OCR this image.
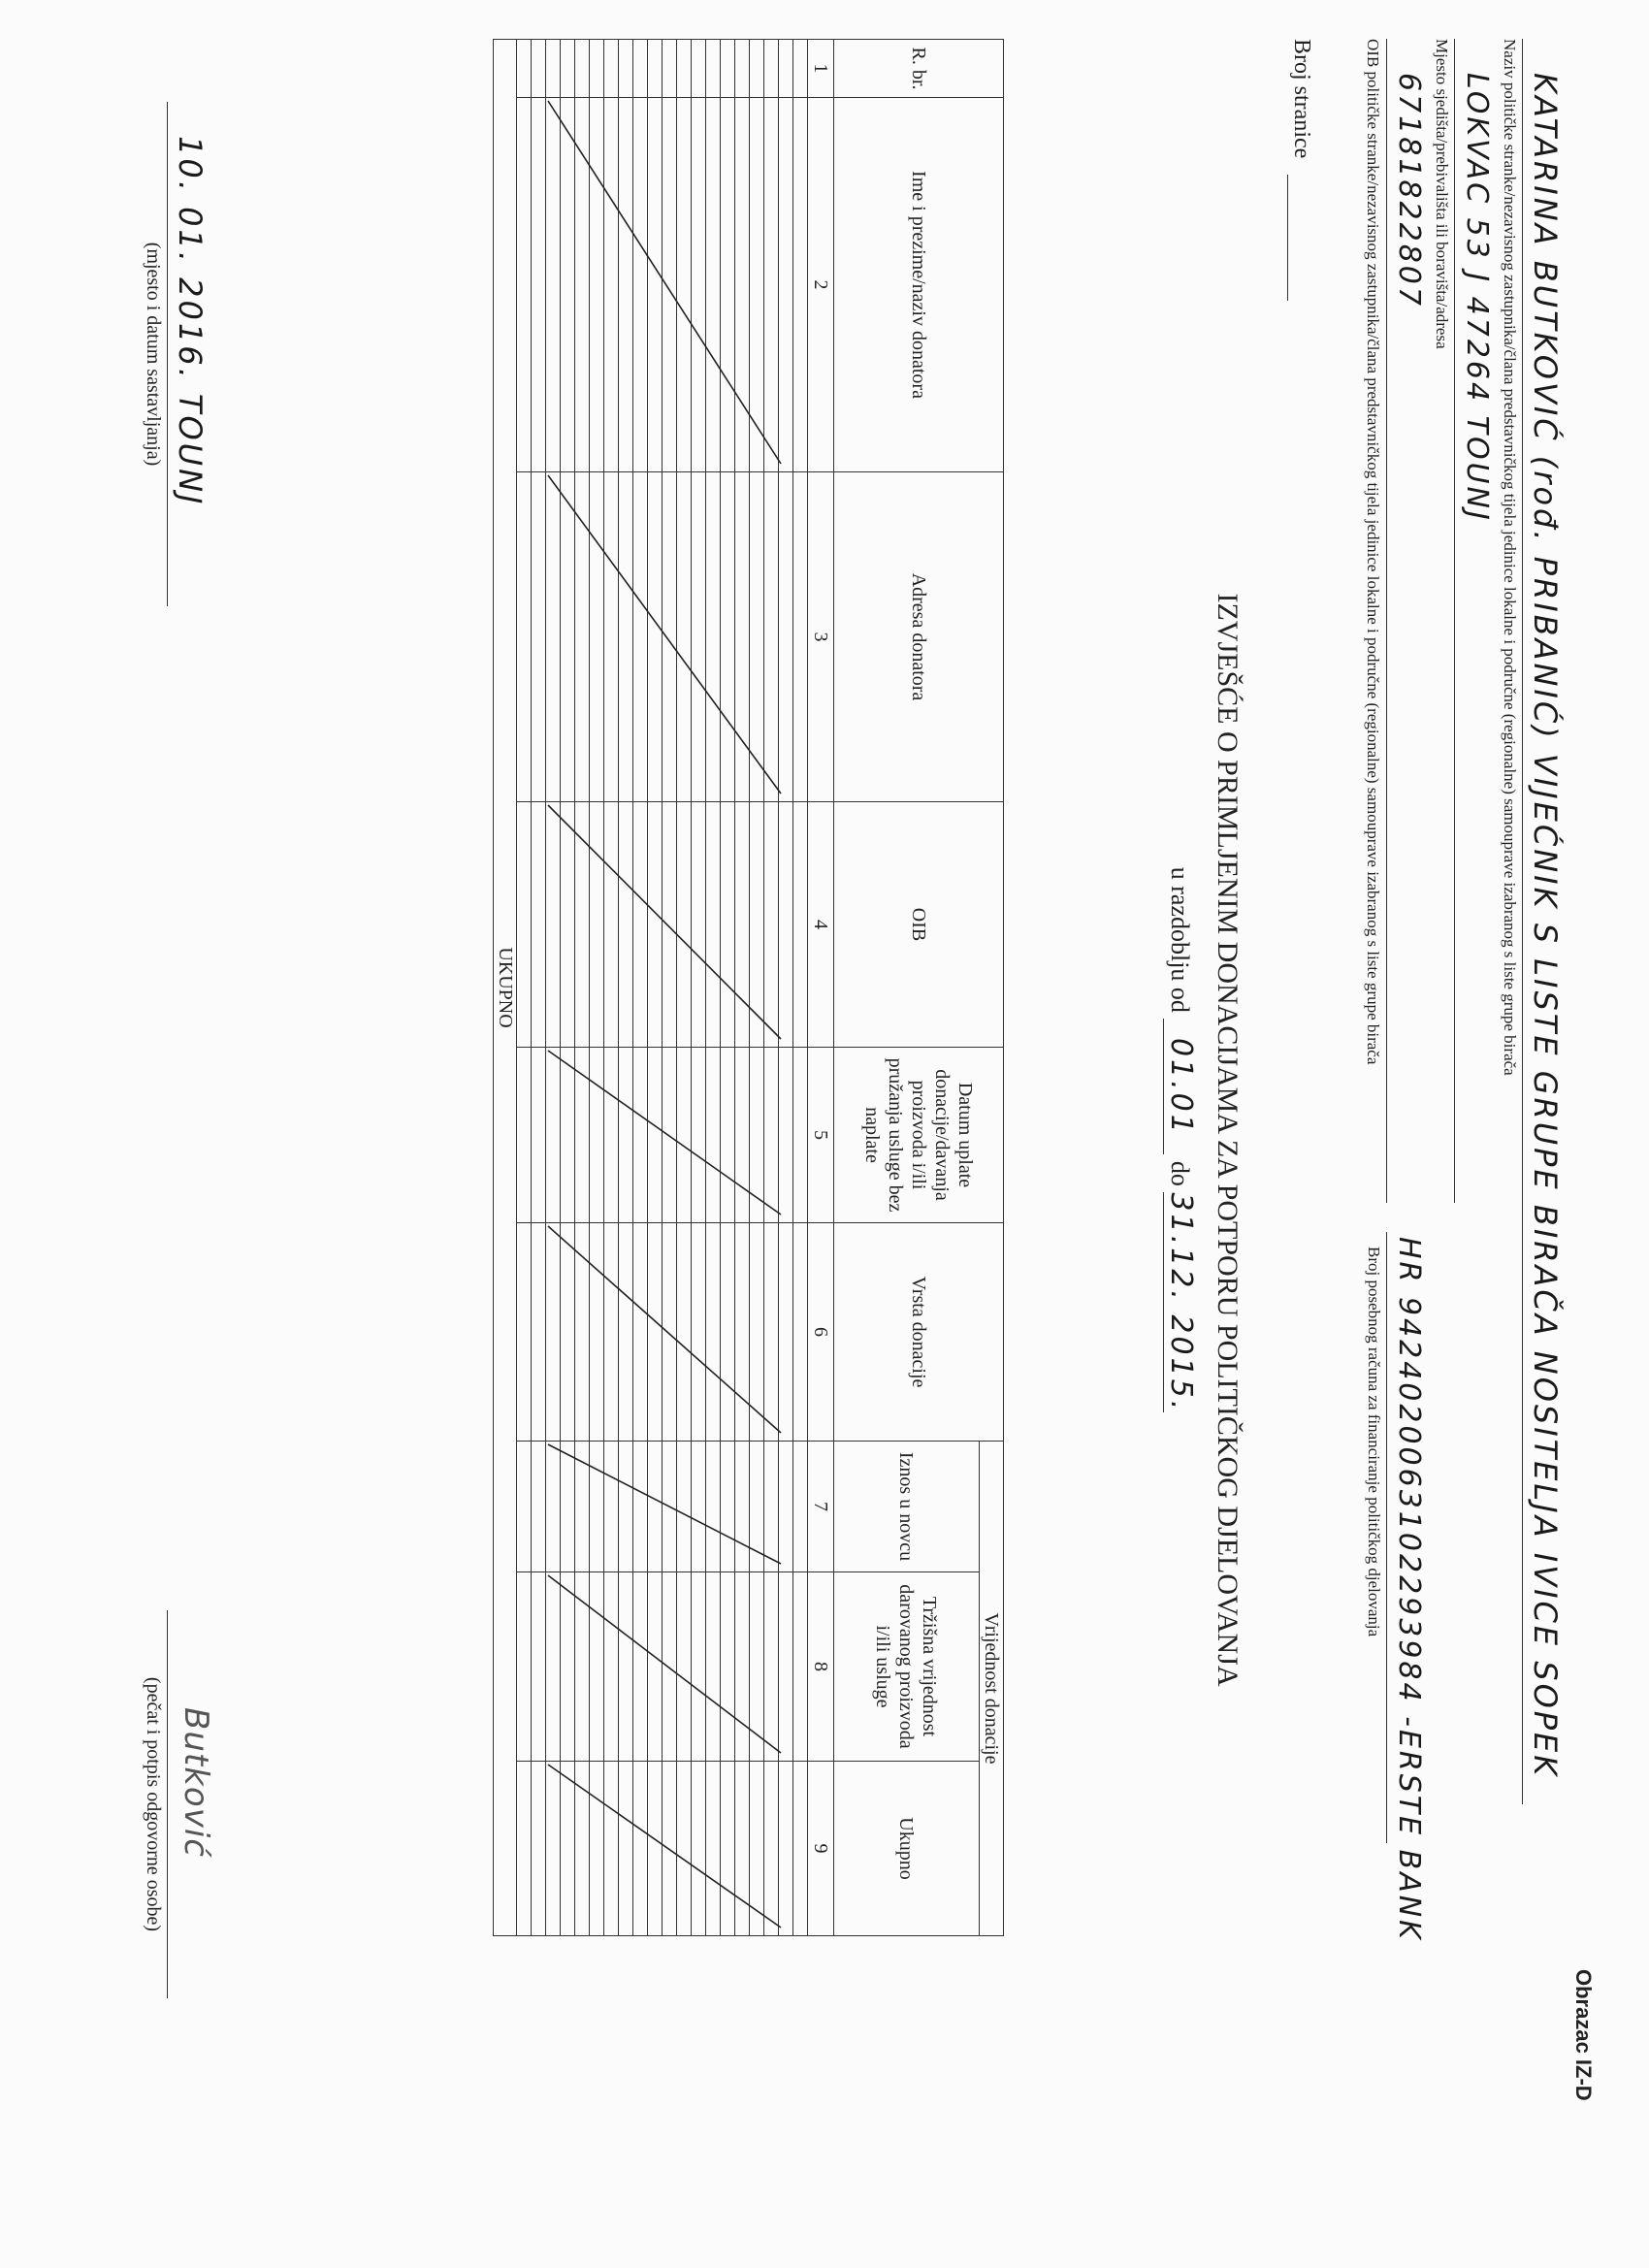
Obrazac IZ-D
KATARINA BUTKOVIĆ (rođ. PRIBANIĆ) VIJEĆNIK S LISTE GRUPE BIRAČA NOSITELJA IVICE SOPEK
Naziv političke stranke/nezavisnog zastupnika/člana predstavničkog tijela jedinice lokalne i područne (regionalne) samouprave izabranog s liste grupe birača
LOKVAC 53 J 47264 TOUNJ
Mjesto sjedišta/prebivališta ili boravišta/adresa
67181822807
OIB političke stranke/nezavisnog zastupnika/člana predstavničkog tijela jedinice lokalne i područne (regionalne) samouprave izabranog s liste grupe birača
HR 9424020063102293984 -ERSTE BANK
Broj posebnog računa za financiranje političkog djelovanja
Broj stranice
IZVJEŠĆE O PRIMLJENIM DONACIJAMA ZA POTPORU POLITIČKOG DJELOVANJA
u razdoblju od 01.01 do 31.12. 2015.
R. br.	Ime i prezime/naziv donatora	Adresa donatora	OIB	Datum uplate donacije/davanja proizvoda i/ili pružanja usluge bez naplate	Vrsta donacije	Vrijednost donacije		
						Iznos u novcu	Tržišna vrijednost darovanog proizvoda i/ili usluge	Ukupno
1	2	3	4	5	6	7	8	9

UKUPNO								
10. 01. 2016. TOUNJ
(mjesto i datum sastavljanja)
Butković
(pečat i potpis odgovorne osobe)
